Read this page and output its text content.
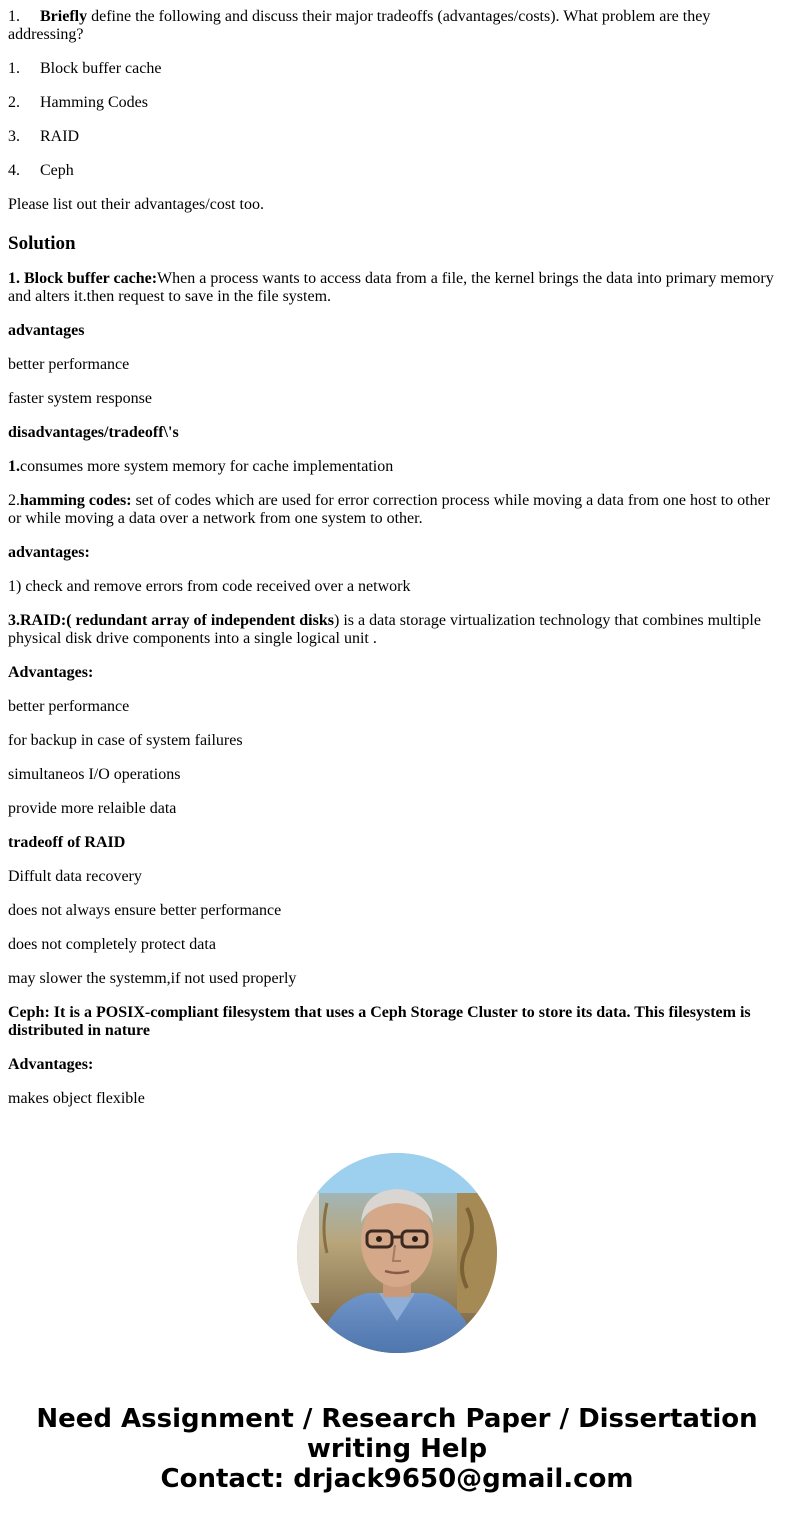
1. Briefly define the following and discuss their major tradeoffs (advantages/costs). What problem are they addressing?

1. Block buffer cache

2. Hamming Codes

3. RAID

4. Ceph

Please list out their advantages/cost too.

Solution

1. Block buffer cache:When a process wants to access data from a file, the kernel brings the data into primary memory and alters it.then request to save in the file system.

advantages

better performance

faster system response

disadvantages/tradeoff\'s

1.consumes more system memory for cache implementation

2.hamming codes: set of codes which are used for error correction process while moving a data from one host to other or while moving a data over a network from one system to other.

advantages:

1) check and remove errors from code received over a network

3.RAID:( redundant array of independent disks) is a data storage virtualization technology that combines multiple physical disk drive components into a single logical unit .

Advantages:

better performance

for backup in case of system failures

simultaneos I/O operations

provide more relaible data

tradeoff of RAID

Diffult data recovery

does not always ensure better performance

does not completely protect data

may slower the systemm,if not used properly

Ceph: It is a POSIX-compliant filesystem that uses a Ceph Storage Cluster to store its data. This filesystem is distributed in nature

Advantages:

makes object flexible

Need Assignment / Research Paper / Dissertation writing Help
Contact: drjack9650@gmail.com
